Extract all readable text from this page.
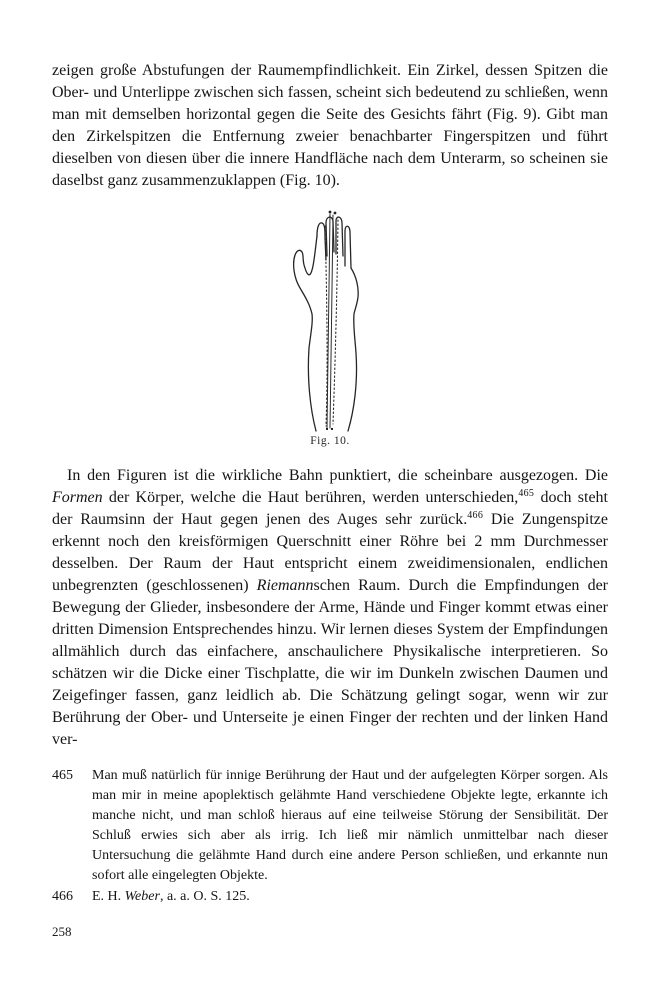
zeigen große Abstufungen der Raumempfindlichkeit. Ein Zirkel, dessen Spitzen die Ober- und Unterlippe zwischen sich fassen, scheint sich bedeutend zu schließen, wenn man mit demselben horizontal gegen die Seite des Gesichts fährt (Fig. 9). Gibt man den Zirkelspitzen die Entfernung zweier benachbarter Fingerspitzen und führt dieselben von diesen über die innere Handfläche nach dem Unterarm, so scheinen sie daselbst ganz zusammenzuklappen (Fig. 10).

Fig. 10.

In den Figuren ist die wirkliche Bahn punktiert, die scheinbare ausgezogen. Die Formen der Körper, welche die Haut berühren, werden unterschieden,$^{465}$ doch steht der Raumsinn der Haut gegen jenen des Auges sehr zurück.$^{466}$ Die Zungenspitze erkennt noch den kreisförmigen Querschnitt einer Röhre bei 2 mm Durchmesser desselben. Der Raum der Haut entspricht einem zweidimensionalen, endlichen unbegrenzten (geschlossenen) Riemannschen Raum. Durch die Empfindungen der Bewegung der Glieder, insbesondere der Arme, Hände und Finger kommt etwas einer dritten Dimension Entsprechendes hinzu. Wir lernen dieses System der Empfindungen allmählich durch das einfachere, anschaulichere Physikalische interpretieren. So schätzen wir die Dicke einer Tischplatte, die wir im Dunkeln zwischen Daumen und Zeigefinger fassen, ganz leidlich ab. Die Schätzung gelingt sogar, wenn wir zur Berührung der Ober- und Unterseite je einen Finger der rechten und der linken Hand ver-

465	Man muß natürlich für innige Berührung der Haut und der aufgelegten Körper sorgen. Als man mir in meine apoplektisch gelähmte Hand verschiedene Objekte legte, erkannte ich manche nicht, und man schloß hieraus auf eine teilweise Störung der Sensibilität. Der Schluß erwies sich aber als irrig. Ich ließ mir nämlich unmittelbar nach dieser Untersuchung die gelähmte Hand durch eine andere Person schließen, und erkannte nun sofort alle eingelegten Objekte.
466	E. H. Weber, a. a. O. S. 125.
258
